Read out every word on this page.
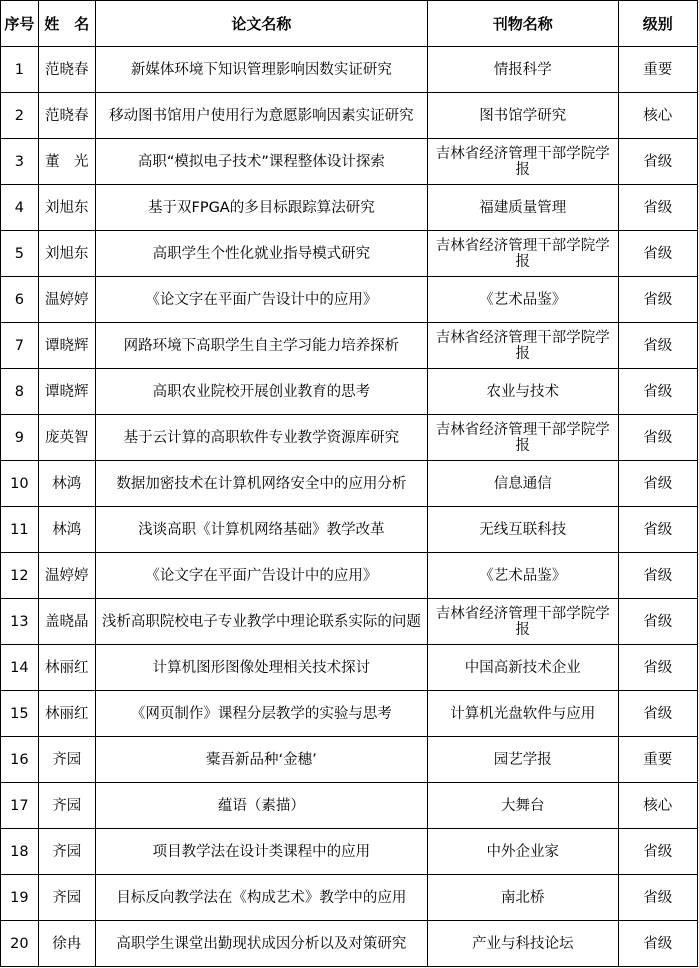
序号	姓　名	论文名称	刊物名称	级别
1	范晓春	新媒体环境下知识管理影响因数实证研究	情报科学	重要
2	范晓春	移动图书馆用户使用行为意愿影响因素实证研究	图书馆学研究	核心
3	董　光	高职“模拟电子技术”课程整体设计探索	吉林省经济管理干部学院学报	省级
4	刘旭东	基于双FPGA的多目标跟踪算法研究	福建质量管理	省级
5	刘旭东	高职学生个性化就业指导模式研究	吉林省经济管理干部学院学报	省级
6	温婷婷	《论文字在平面广告设计中的应用》	《艺术品鉴》	省级
7	谭晓辉	网路环境下高职学生自主学习能力培养探析	吉林省经济管理干部学院学报	省级
8	谭晓辉	高职农业院校开展创业教育的思考	农业与技术	省级
9	庞英智	基于云计算的高职软件专业教学资源库研究	吉林省经济管理干部学院学报	省级
10	林鸿	数据加密技术在计算机网络安全中的应用分析	信息通信	省级
11	林鸿	浅谈高职《计算机网络基础》教学改革	无线互联科技	省级
12	温婷婷	《论文字在平面广告设计中的应用》	《艺术品鉴》	省级
13	盖晓晶	浅析高职院校电子专业教学中理论联系实际的问题	吉林省经济管理干部学院学报	省级
14	林丽红	计算机图形图像处理相关技术探讨	中国高新技术企业	省级
15	林丽红	《网页制作》课程分层教学的实验与思考	计算机光盘软件与应用	省级
16	齐园	橐吾新品种‘金穗’	园艺学报	重要
17	齐园	蕴语（素描）	大舞台	核心
18	齐园	项目教学法在设计类课程中的应用	中外企业家	省级
19	齐园	目标反向教学法在《构成艺术》教学中的应用	南北桥	省级
20	徐冉	高职学生课堂出勤现状成因分析以及对策研究	产业与科技论坛	省级
